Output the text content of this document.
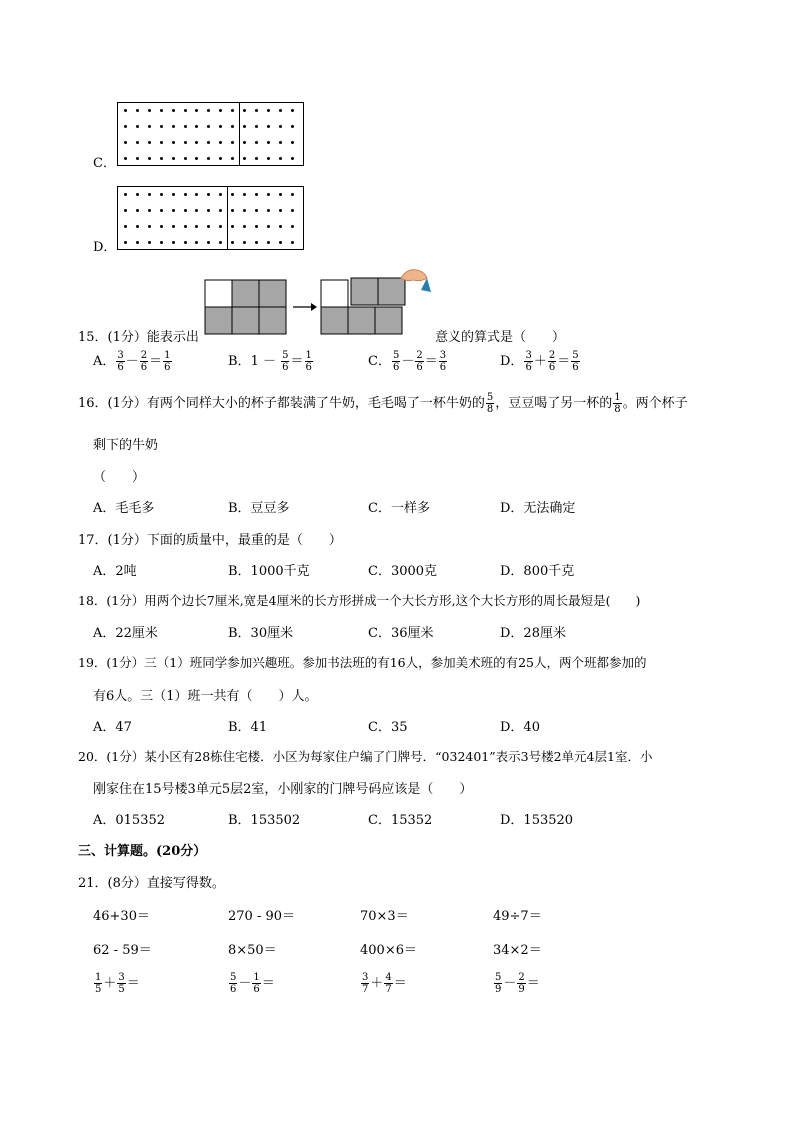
C．
D．
15．(1分）能表示出	意义的算式是（　　）
A． $\frac{3}{6} - \frac{2}{6} = \frac{1}{6}$	B．$1 - \frac{5}{6} = \frac{1}{6}$	C． $\frac{5}{6} - \frac{2}{6} = \frac{3}{6}$	D． $\frac{3}{6} + \frac{2}{6} = \frac{5}{6}$
16．(1分）有两个同样大小的杯子都装满了牛奶，毛毛喝了一杯牛奶的 $\frac{5}{8}$ ，豆豆喝了另一杯的 $\frac{1}{8}$ 。两个杯子
剩下的牛奶
（　　）
A．毛毛多	B．豆豆多	C．一样多	D．无法确定
17．(1分）下面的质量中，最重的是（　　）
A．2吨	B．1000千克	C．3000克	D．800千克
18．(1分）用两个边长7厘米,宽是4厘米的长方形拼成一个大长方形,这个大长方形的周长最短是(　　)
A．22厘米	B．30厘米	C．36厘米	D．28厘米
19．(1分）三（1）班同学参加兴趣班。参加书法班的有16人，参加美术班的有25人，两个班都参加的
有6人。三（1）班一共有（　　）人。
A．47	B．41	C．35	D．40
20．(1分）某小区有28栋住宅楼．小区为每家住户编了门牌号．“032401”表示3号楼2单元4层1室．小
刚家住在15号楼3单元5层2室，小刚家的门牌号码应该是（　　）
A．015352	B．153502	C．15352	D．153520
三、计算题。(20分）
21．(8分）直接写得数。
46+30＝	270 - 90＝	70×3＝	49÷7＝
62 - 59＝	8×50＝	400×6＝	34×2＝
$\frac{1}{5} + \frac{3}{5}$ ＝	$\frac{5}{6} - \frac{1}{6}$ ＝	$\frac{3}{7} + \frac{4}{7}$ ＝	$\frac{5}{9} - \frac{2}{9}$ ＝
